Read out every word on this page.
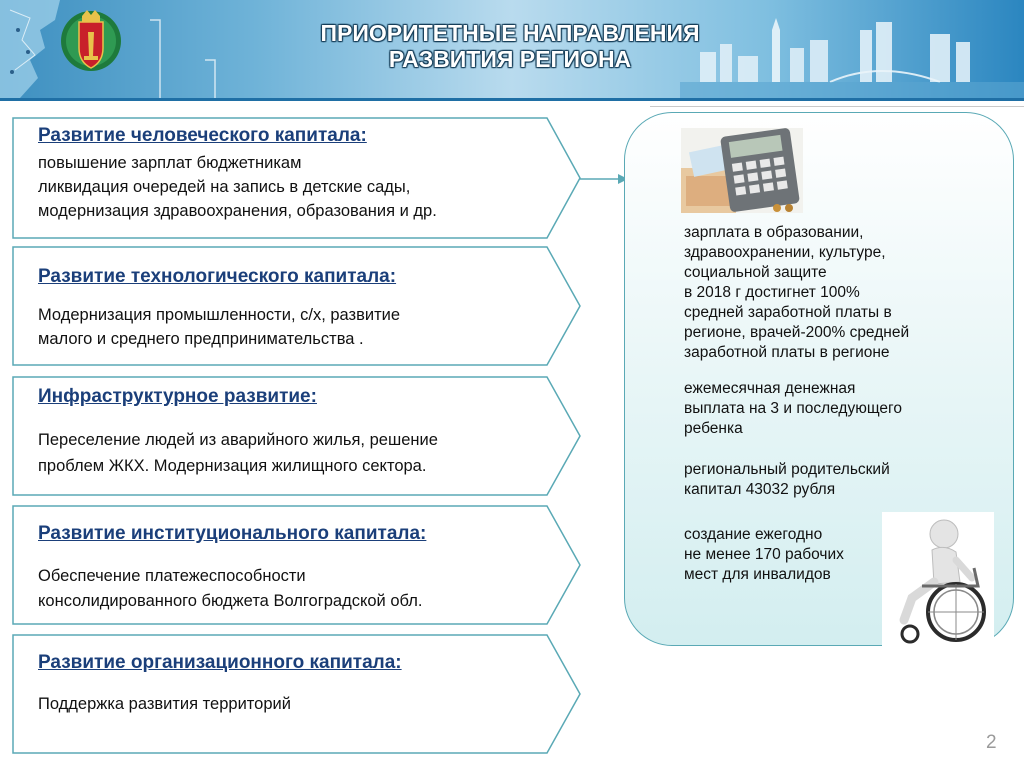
ПРИОРИТЕТНЫЕ НАПРАВЛЕНИЯ
РАЗВИТИЯ РЕГИОНА
Развитие человеческого капитала:
повышение зарплат бюджетникам
ликвидация очередей на запись в детские сады,
модернизация здравоохранения, образования и др.
Развитие технологического капитала:
Модернизация промышленности, с/х, развитие
малого и среднего предпринимательства .
Инфраструктурное развитие:
Переселение людей из аварийного жилья, решение
проблем ЖКХ. Модернизация жилищного сектора.
Развитие институционального капитала:
Обеспечение платежеспособности
консолидированного бюджета Волгоградской обл.
Развитие организационного капитала:
Поддержка развития территорий
зарплата в образовании,
здравоохранении, культуре,
социальной защите
в 2018 г достигнет 100%
средней заработной платы в
регионе, врачей-200% средней
заработной платы в регионе
ежемесячная денежная
выплата на 3 и последующего
ребенка
региональный родительский
капитал 43032 рубля
создание ежегодно
не менее 170 рабочих
мест для инвалидов
2
